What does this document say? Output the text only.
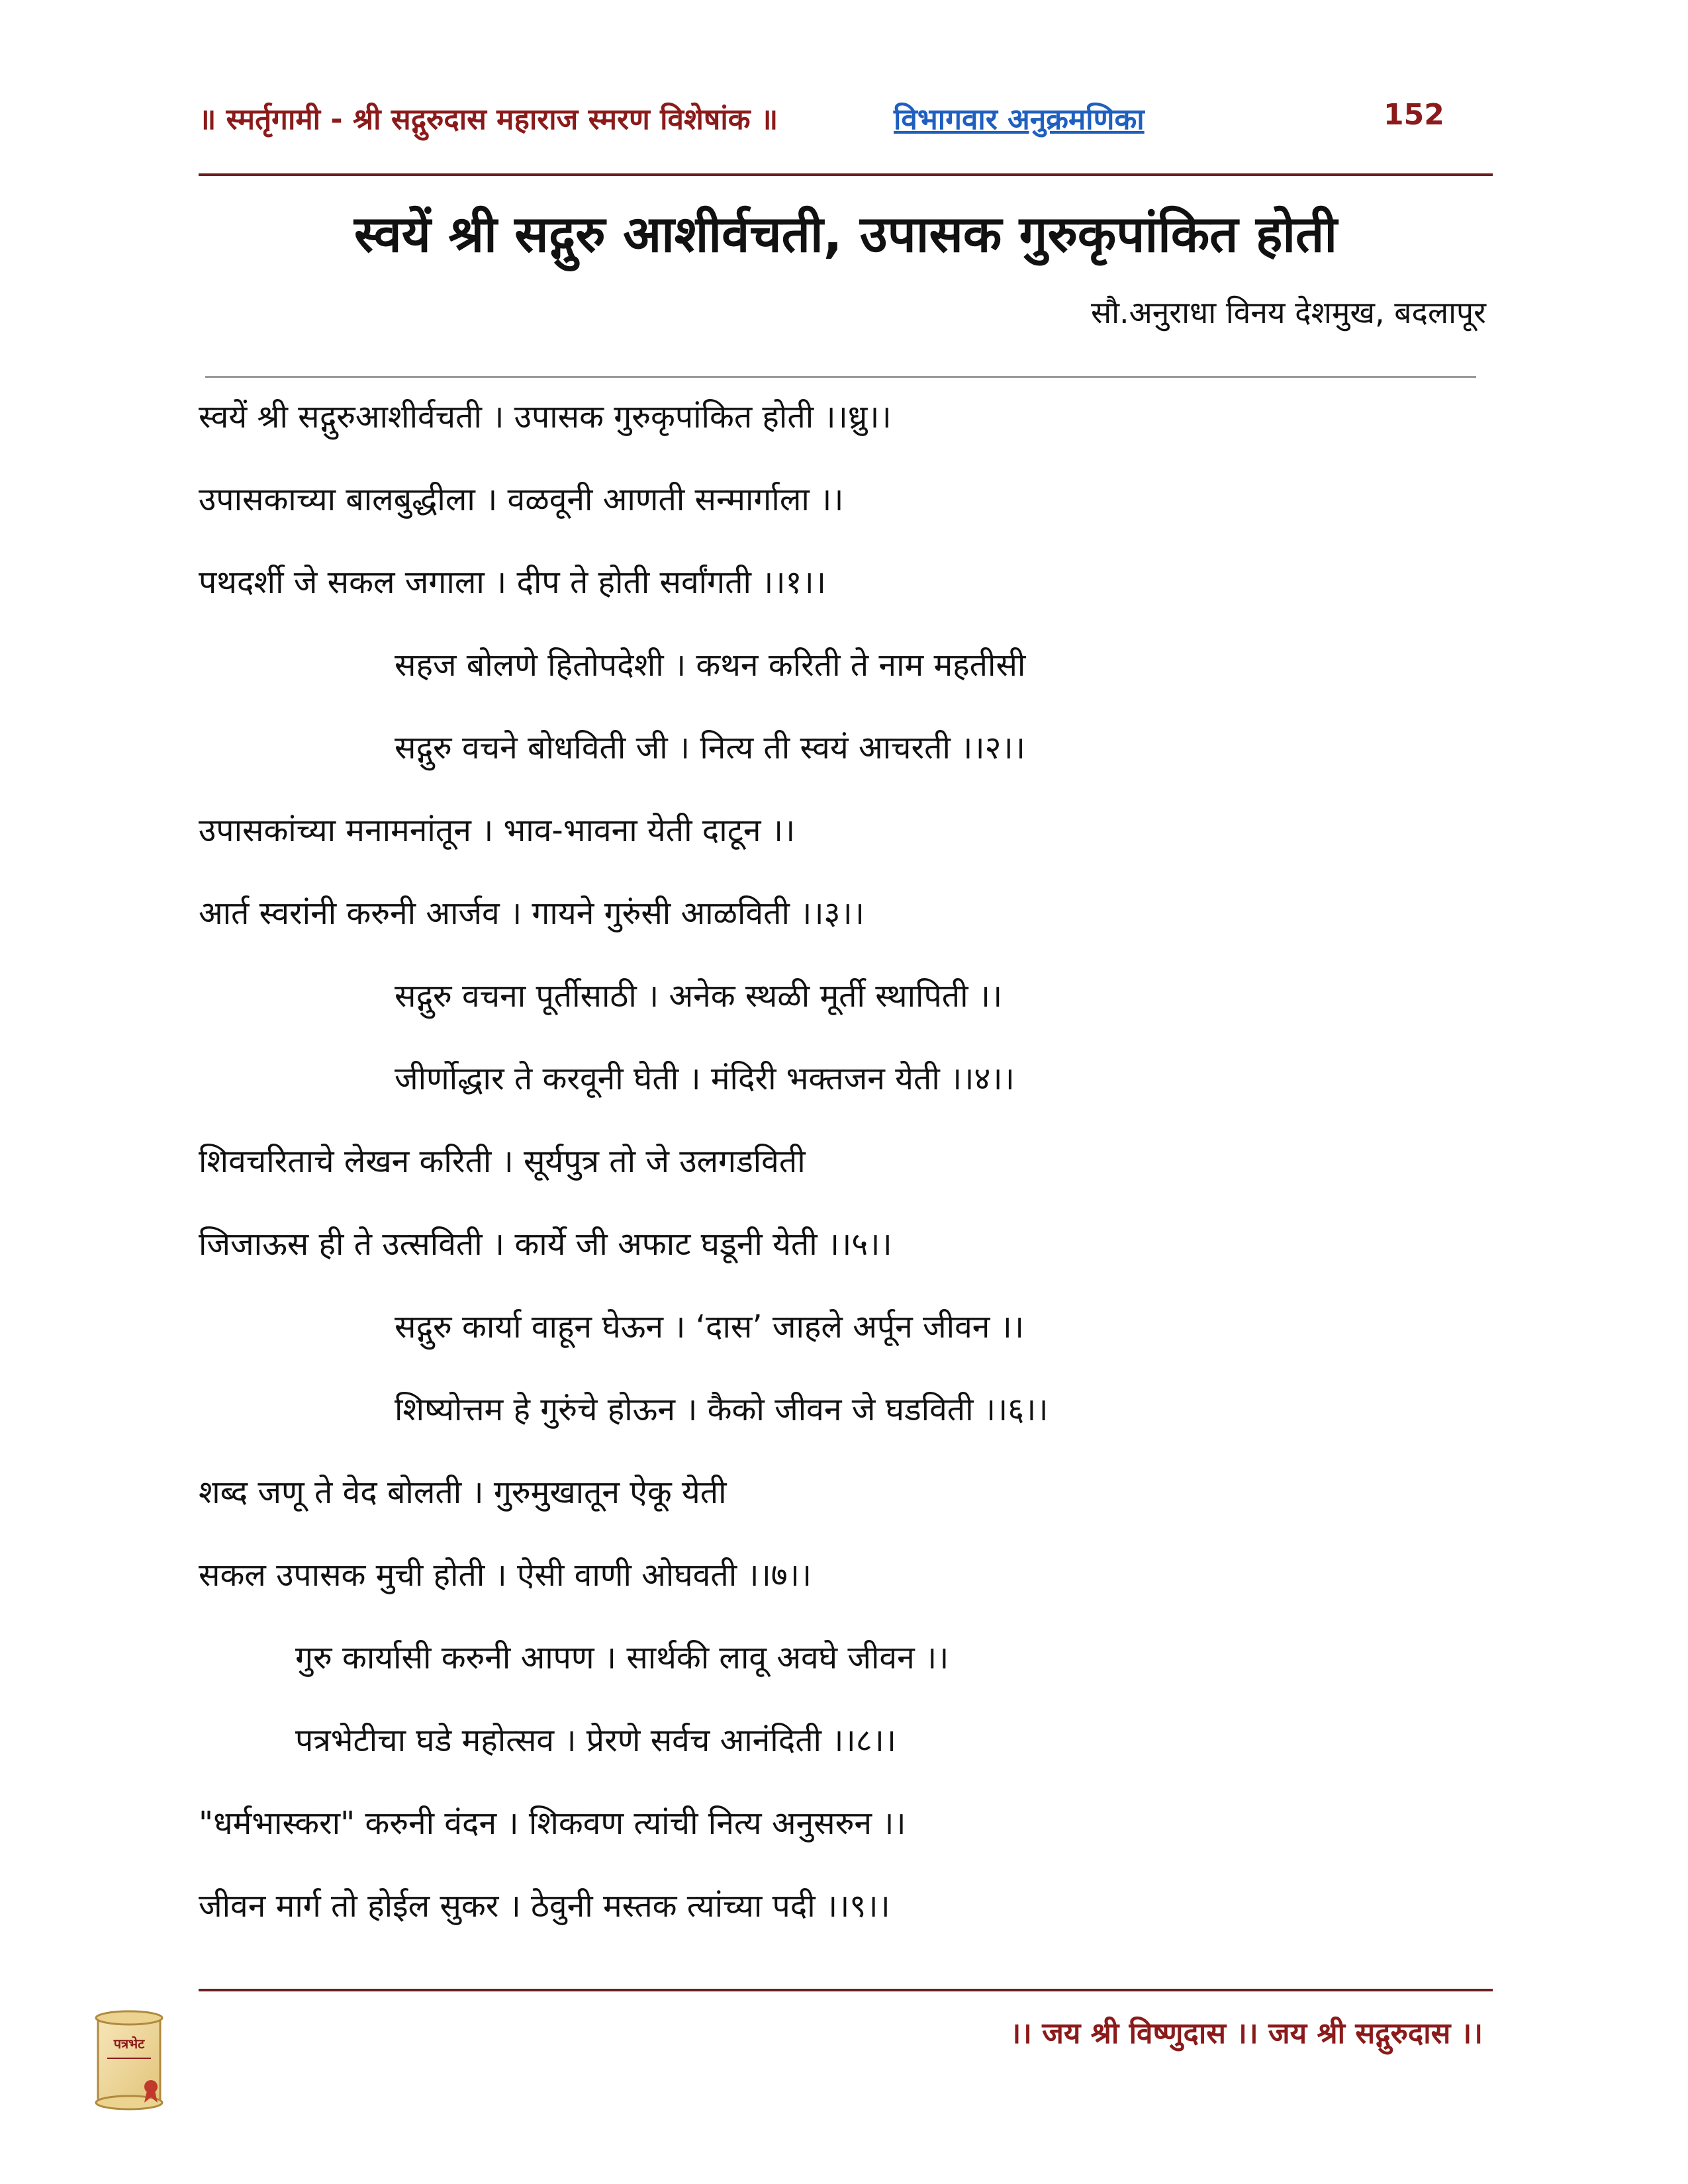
॥ स्मर्तृगामी - श्री सद्गुरुदास महाराज स्मरण विशेषांक ॥	विभागवार अनुक्रमणिका	152
स्वयें श्री सद्गुरु आशीर्वचती, उपासक गुरुकृपांकित होती
सौ.अनुराधा विनय देशमुख, बदलापूर
स्वयें श्री सद्गुरुआशीर्वचती । उपासक गुरुकृपांकित होती ।।ध्रु।।
उपासकाच्या बालबुद्धीला । वळवूनी आणती सन्मार्गाला ।।
पथदर्शी जे सकल जगाला । दीप ते होती सर्वांगती ।।१।।
सहज बोलणे हितोपदेशी । कथन करिती ते नाम महतीसी
सद्गुरु वचने बोधविती जी । नित्य ती स्वयं आचरती ।।२।।
उपासकांच्या मनामनांतून । भाव-भावना येती दाटून ।।
आर्त स्वरांनी करुनी आर्जव । गायने गुरुंसी आळविती ।।३।।
सद्गुरु वचना पूर्तीसाठी । अनेक स्थळी मूर्ती स्थापिती ।।
जीर्णोद्धार ते करवूनी घेती । मंदिरी भक्तजन येती ।।४।।
शिवचरिताचे लेखन करिती । सूर्यपुत्र तो जे उलगडविती
जिजाऊस ही ते उत्सविती । कार्ये जी अफाट घडूनी येती ।।५।।
सद्गुरु कार्या वाहून घेऊन । ‘दास’ जाहले अर्पून जीवन ।।
शिष्योत्तम हे गुरुंचे होऊन । कैको जीवन जे घडविती ।।६।।
शब्द जणू ते वेद बोलती । गुरुमुखातून ऐकू येती
सकल उपासक मुची होती । ऐसी वाणी ओघवती ।।७।।
गुरु कार्यासी करुनी आपण । सार्थकी लावू अवघे जीवन ।।
पत्रभेटीचा घडे महोत्सव । प्रेरणे सर्वच आनंदिती ।।८।।
"धर्मभास्करा" करुनी वंदन । शिकवण त्यांची नित्य अनुसरुन ।।
जीवन मार्ग तो होईल सुकर । ठेवुनी मस्तक त्यांच्या पदी ।।९।।
पत्रभेट	।। जय श्री विष्णुदास ।। जय श्री सद्गुरुदास ।।
